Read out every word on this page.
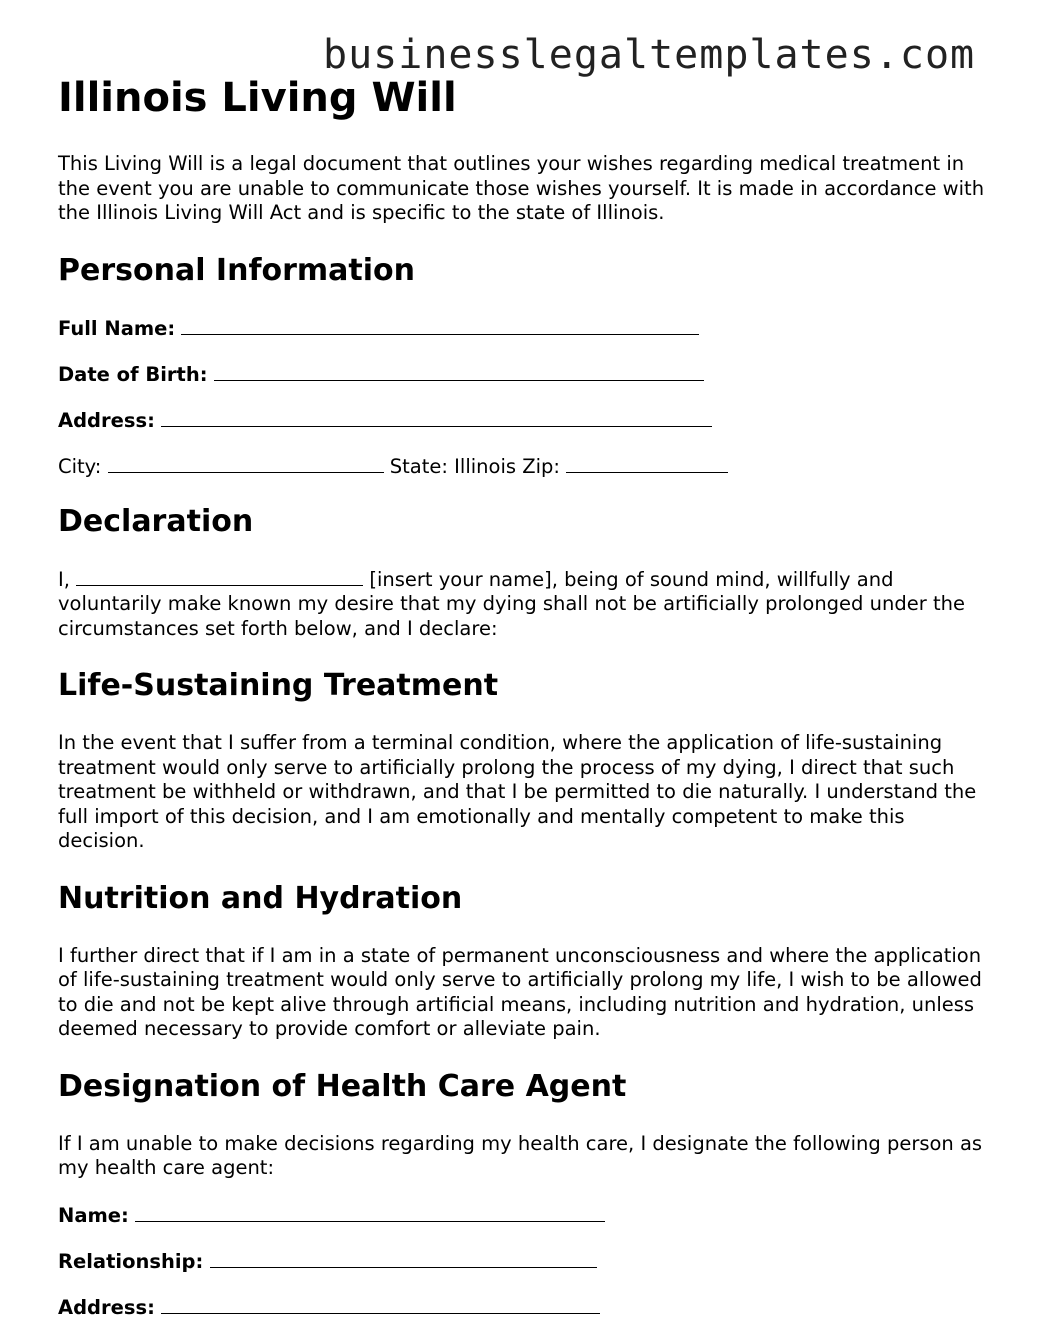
businesslegaltemplates.com
Illinois Living Will

This Living Will is a legal document that outlines your wishes regarding medical treatment in the event you are unable to communicate those wishes yourself. It is made in accordance with the Illinois Living Will Act and is specific to the state of Illinois.

Personal Information
Full Name:
Date of Birth:
Address:
City:	State: Illinois Zip:
Declaration

I,	[insert your name], being of sound mind, willfully and voluntarily make known my desire that my dying shall not be artificially prolonged under the circumstances set forth below, and I declare:

Life-Sustaining Treatment

In the event that I suffer from a terminal condition, where the application of life-sustaining treatment would only serve to artificially prolong the process of my dying, I direct that such treatment be withheld or withdrawn, and that I be permitted to die naturally. I understand the full import of this decision, and I am emotionally and mentally competent to make this decision.

Nutrition and Hydration

I further direct that if I am in a state of permanent unconsciousness and where the application of life-sustaining treatment would only serve to artificially prolong my life, I wish to be allowed to die and not be kept alive through artificial means, including nutrition and hydration, unless deemed necessary to provide comfort or alleviate pain.

Designation of Health Care Agent

If I am unable to make decisions regarding my health care, I designate the following person as my health care agent:

Name:
Relationship:
Address:
